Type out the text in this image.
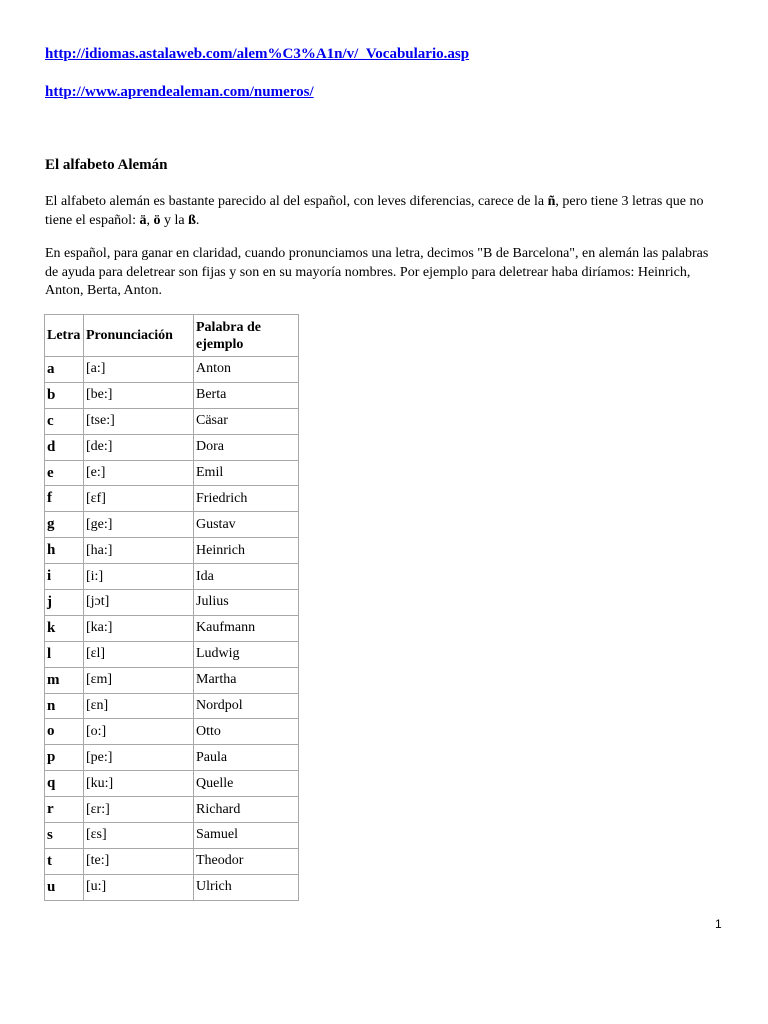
http://idiomas.astalaweb.com/alem%C3%A1n/v/_Vocabulario.asp
http://www.aprendealeman.com/numeros/
El alfabeto Alemán

El alfabeto alemán es bastante parecido al del español, con leves diferencias, carece de la ñ, pero tiene 3 letras que no tiene el español: ä, ö y la ß.

En español, para ganar en claridad, cuando pronunciamos una letra, decimos "B de Barcelona", en alemán las palabras de ayuda para deletrear son fijas y son en su mayoría nombres. Por ejemplo para deletrear haba diríamos: Heinrich, Anton, Berta, Anton.

Letra	Pronunciación	Palabra de ejemplo
a	[a:]	Anton
b	[be:]	Berta
c	[tse:]	Cäsar
d	[de:]	Dora
e	[e:]	Emil
f	[ɛf]	Friedrich
g	[ge:]	Gustav
h	[ha:]	Heinrich
i	[i:]	Ida
j	[jɔt]	Julius
k	[ka:]	Kaufmann
l	[ɛl]	Ludwig
m	[ɛm]	Martha
n	[ɛn]	Nordpol
o	[o:]	Otto
p	[pe:]	Paula
q	[ku:]	Quelle
r	[ɛr:]	Richard
s	[ɛs]	Samuel
t	[te:]	Theodor
u	[u:]	Ulrich
1
